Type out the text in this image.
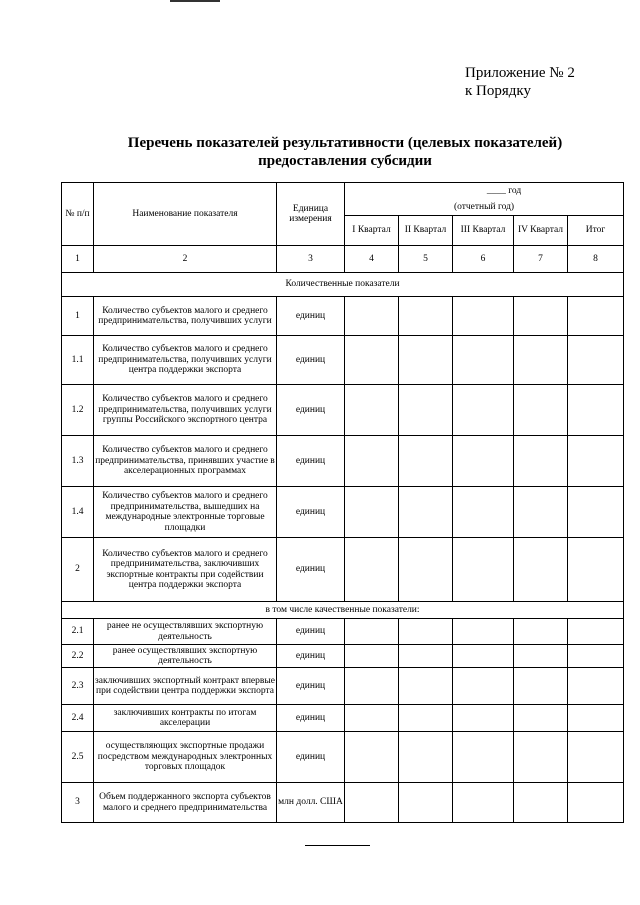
Приложение № 2
к Порядку
Перечень показателей результативности (целевых показателей)
предоставления субсидии
№ п/п	Наименование показателя	Единица измерения	____ год				
			(отчетный год)				
			I Квартал	II Квартал	III Квартал	IV Квартал	Итог
1	2	3	4	5	6	7	8
Количественные показатели							
1	Количество субъектов малого и среднего предпринимательства, получивших услуги	единиц					
1.1	Количество субъектов малого и среднего предпринимательства, получивших услуги центра поддержки экспорта	единиц					
1.2	Количество субъектов малого и среднего предпринимательства, получивших услуги группы Российского экспортного центра	единиц					
1.3	Количество субъектов малого и среднего предпринимательства, принявших участие в акселерационных программах	единиц					
1.4	Количество субъектов малого и среднего предпринимательства, вышедших на международные электронные торговые площадки	единиц					
2	Количество субъектов малого и среднего предпринимательства, заключивших экспортные контракты при содействии центра поддержки экспорта	единиц					
в том числе качественные показатели:							
2.1	ранее не осуществлявших экспортную деятельность	единиц					
2.2	ранее осуществлявших экспортную деятельность	единиц					
2.3	заключивших экспортный контракт впервые при содействии центра поддержки экспорта	единиц					
2.4	заключивших контракты по итогам акселерации	единиц					
2.5	осуществляющих экспортные продажи посредством международных электронных торговых площадок	единиц					
3	Объем поддержанного экспорта субъектов малого и среднего предпринимательства	млн долл. США					
